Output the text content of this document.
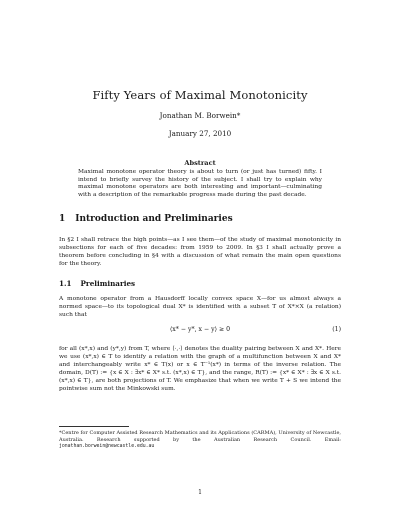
Fifty Years of Maximal Monotonicity
Jonathan M. Borwein*
January 27, 2010
Abstract
Maximal monotone operator theory is about to turn (or just has turned) fifty. I intend to briefly survey the history of the subject. I shall try to explain why maximal monotone operators are both interesting and important—culminating with a description of the remarkable progress made during the past decade.
1 Introduction and Preliminaries
In §2 I shall retrace the high points—as I see them—of the study of maximal monotonicity in subsections for each of five decades: from 1959 to 2009. In §3 I shall actually prove a theorem before concluding in §4 with a discussion of what remain the main open questions for the theory.
1.1 Preliminaries
A monotone operator from a Hausdorff locally convex space X—for us almost always a normed space—to its topological dual X* is identified with a subset T of X*×X (a relation) such that
⟨x* − y*, x − y⟩ ≥ 0	(1)
for all (x*,x) and (y*,y) from T, where ⟨·,·⟩ denotes the duality pairing between X and X*. Here we use (x*,x) ∈ T to identify a relation with the graph of a multifunction between X and X* and interchangeably write x* ∈ T(x) or x ∈ T⁻¹(x*) in terms of the inverse relation. The domain, D(T) := {x ∈ X : ∃x* ∈ X* s.t. (x*,x) ∈ T}, and the range, R(T) := {x* ∈ X* : ∃x ∈ X s.t. (x*,x) ∈ T}, are both projections of T. We emphasize that when we write T + S we intend the pointwise sum not the Minkowski sum.
*Centre for Computer Assisted Research Mathematics and its Applications (CARMA), University of Newcastle, Australia. Research supported by the Australian Research Council. Email: jonathan.borwein@newcastle.edu.au
1
